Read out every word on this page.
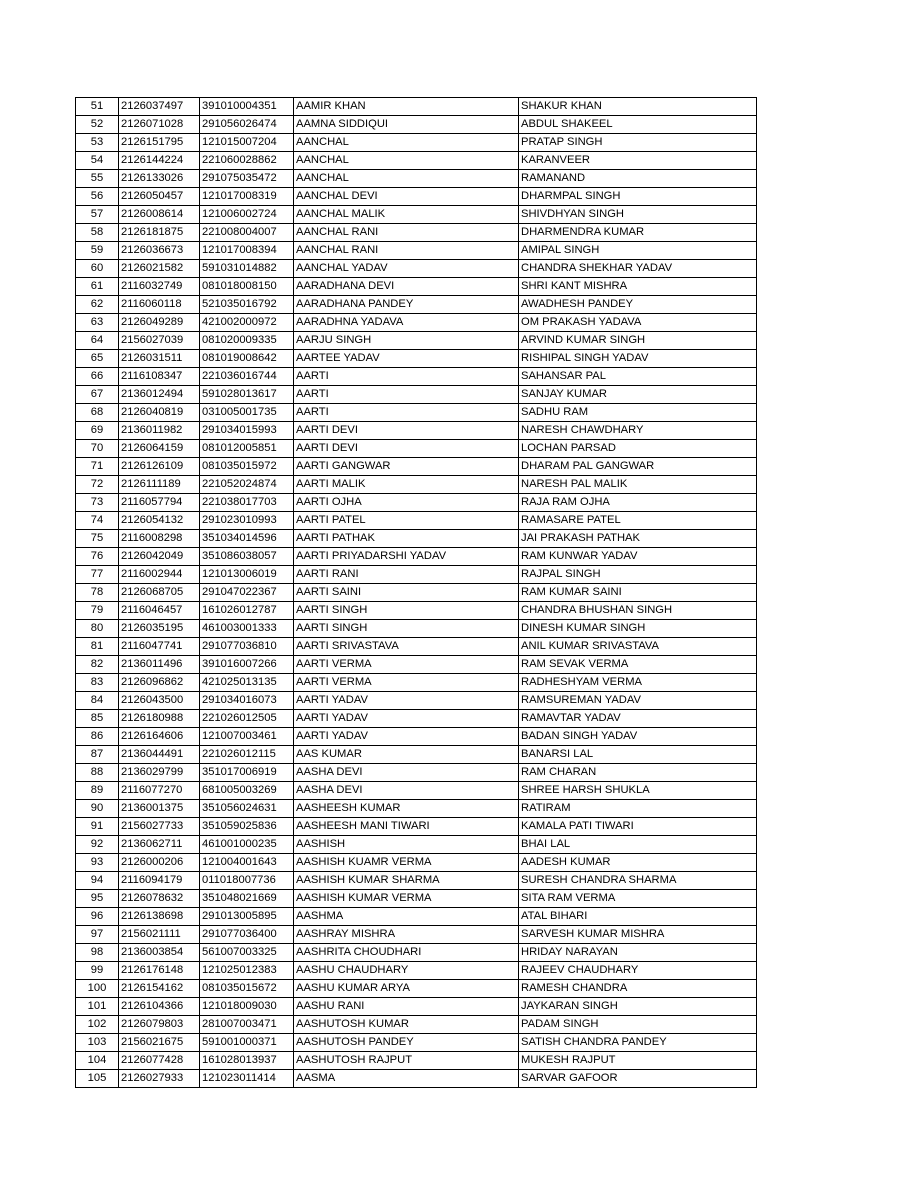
51	2126037497	391010004351	AAMIR KHAN	SHAKUR KHAN
52	2126071028	291056026474	AAMNA SIDDIQUI	ABDUL SHAKEEL
53	2126151795	121015007204	AANCHAL	PRATAP SINGH
54	2126144224	221060028862	AANCHAL	KARANVEER
55	2126133026	291075035472	AANCHAL	RAMANAND
56	2126050457	121017008319	AANCHAL DEVI	DHARMPAL SINGH
57	2126008614	121006002724	AANCHAL MALIK	SHIVDHYAN SINGH
58	2126181875	221008004007	AANCHAL RANI	DHARMENDRA KUMAR
59	2126036673	121017008394	AANCHAL RANI	AMIPAL SINGH
60	2126021582	591031014882	AANCHAL YADAV	CHANDRA SHEKHAR YADAV
61	2116032749	081018008150	AARADHANA DEVI	SHRI KANT MISHRA
62	2116060118	521035016792	AARADHANA PANDEY	AWADHESH PANDEY
63	2126049289	421002000972	AARADHNA YADAVA	OM PRAKASH YADAVA
64	2156027039	081020009335	AARJU SINGH	ARVIND KUMAR SINGH
65	2126031511	081019008642	AARTEE YADAV	RISHIPAL SINGH YADAV
66	2116108347	221036016744	AARTI	SAHANSAR PAL
67	2136012494	591028013617	AARTI	SANJAY KUMAR
68	2126040819	031005001735	AARTI	SADHU RAM
69	2136011982	291034015993	AARTI DEVI	NARESH CHAWDHARY
70	2126064159	081012005851	AARTI DEVI	LOCHAN PARSAD
71	2126126109	081035015972	AARTI GANGWAR	DHARAM PAL GANGWAR
72	2126111189	221052024874	AARTI MALIK	NARESH PAL MALIK
73	2116057794	221038017703	AARTI OJHA	RAJA RAM OJHA
74	2126054132	291023010993	AARTI PATEL	RAMASARE PATEL
75	2116008298	351034014596	AARTI PATHAK	JAI PRAKASH PATHAK
76	2126042049	351086038057	AARTI PRIYADARSHI YADAV	RAM KUNWAR YADAV
77	2116002944	121013006019	AARTI RANI	RAJPAL SINGH
78	2126068705	291047022367	AARTI SAINI	RAM KUMAR SAINI
79	2116046457	161026012787	AARTI SINGH	CHANDRA BHUSHAN SINGH
80	2126035195	461003001333	AARTI SINGH	DINESH KUMAR SINGH
81	2116047741	291077036810	AARTI SRIVASTAVA	ANIL KUMAR SRIVASTAVA
82	2136011496	391016007266	AARTI VERMA	RAM SEVAK VERMA
83	2126096862	421025013135	AARTI VERMA	RADHESHYAM VERMA
84	2126043500	291034016073	AARTI YADAV	RAMSUREMAN YADAV
85	2126180988	221026012505	AARTI YADAV	RAMAVTAR YADAV
86	2126164606	121007003461	AARTI YADAV	BADAN SINGH YADAV
87	2136044491	221026012115	AAS KUMAR	BANARSI LAL
88	2136029799	351017006919	AASHA DEVI	RAM CHARAN
89	2116077270	681005003269	AASHA DEVI	SHREE HARSH SHUKLA
90	2136001375	351056024631	AASHEESH KUMAR	RATIRAM
91	2156027733	351059025836	AASHEESH MANI TIWARI	KAMALA PATI TIWARI
92	2136062711	461001000235	AASHISH	BHAI LAL
93	2126000206	121004001643	AASHISH KUAMR VERMA	AADESH KUMAR
94	2116094179	011018007736	AASHISH KUMAR SHARMA	SURESH CHANDRA SHARMA
95	2126078632	351048021669	AASHISH KUMAR VERMA	SITA RAM VERMA
96	2126138698	291013005895	AASHMA	ATAL BIHARI
97	2156021111	291077036400	AASHRAY MISHRA	SARVESH KUMAR MISHRA
98	2136003854	561007003325	AASHRITA CHOUDHARI	HRIDAY NARAYAN
99	2126176148	121025012383	AASHU CHAUDHARY	RAJEEV CHAUDHARY
100	2126154162	081035015672	AASHU KUMAR ARYA	RAMESH CHANDRA
101	2126104366	121018009030	AASHU RANI	JAYKARAN SINGH
102	2126079803	281007003471	AASHUTOSH KUMAR	PADAM SINGH
103	2156021675	591001000371	AASHUTOSH PANDEY	SATISH CHANDRA PANDEY
104	2126077428	161028013937	AASHUTOSH RAJPUT	MUKESH RAJPUT
105	2126027933	121023011414	AASMA	SARVAR GAFOOR
